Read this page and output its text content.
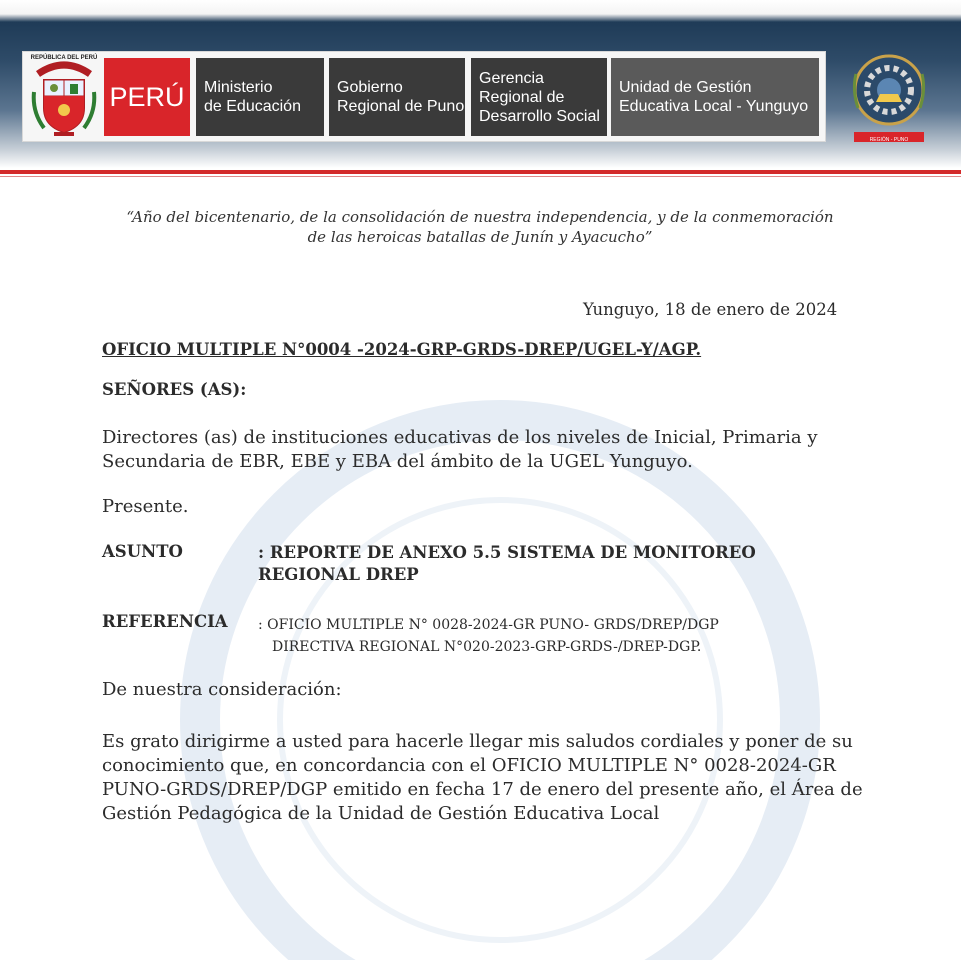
REPÚBLICA DEL PERÚ
PERÚ	Ministerio
de Educación
Gobierno
Regional de Puno
Gerencia
Regional de
Desarrollo Social
Unidad de Gestión
Educativa Local - Yunguyo
REGIÓN - PUNO
“Año del bicentenario, de la consolidación de nuestra independencia, y de la conmemoración
de las heroicas batallas de Junín y Ayacucho”
Yunguyo, 18 de enero de 2024
OFICIO MULTIPLE N°0004 -2024-GRP-GRDS-DREP/UGEL-Y/AGP.
SEÑORES (AS):
Directores (as) de instituciones educativas de los niveles de Inicial, Primaria y Secundaria de EBR, EBE y EBA del ámbito de la UGEL Yunguyo.
Presente.
ASUNTO	: REPORTE DE ANEXO 5.5 SISTEMA DE MONITOREO REGIONAL DREP
REFERENCIA : OFICIO MULTIPLE N° 0028-2024-GR PUNO- GRDS/DREP/DGP
DIRECTIVA REGIONAL N°020-2023-GRP-GRDS-/DREP-DGP.
De nuestra consideración:
Es grato dirigirme a usted para hacerle llegar mis saludos cordiales y poner de su conocimiento que, en concordancia con el OFICIO MULTIPLE N° 0028-2024-GR PUNO-GRDS/DREP/DGP emitido en fecha 17 de enero del presente año, el Área de Gestión Pedagógica de la Unidad de Gestión Educativa Local
